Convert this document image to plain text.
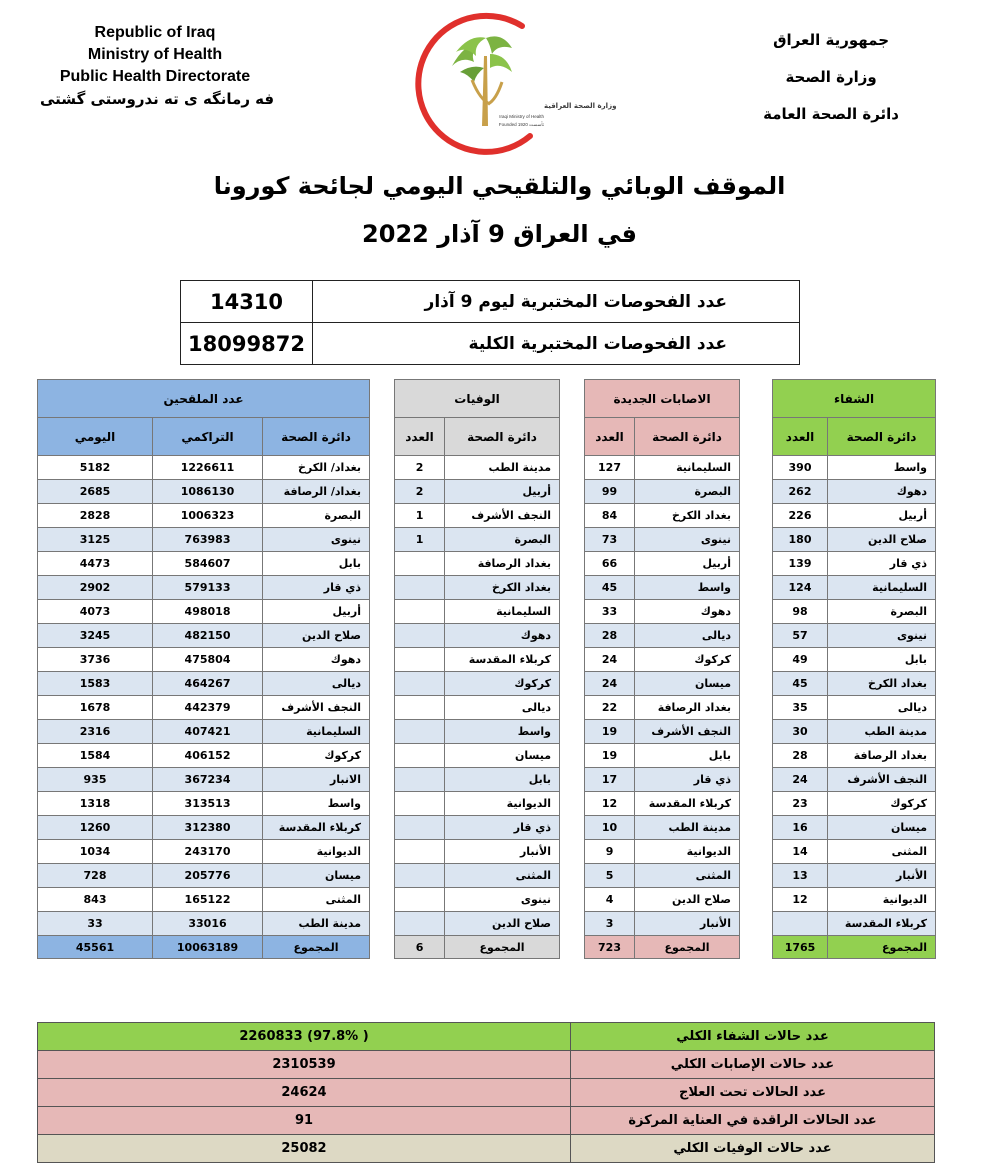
Republic of Iraq
Ministry of Health
Public Health Directorate
فه رمانگه ى ته ندروستى گشتى	وزارة الصحة العراقية
Iraqi Ministry of Health
Founded 1920 تأسست
جمهورية العراق
وزارة الصحة
دائرة الصحة العامة
الموقف الوبائي والتلقيحي اليومي لجائحة كورونا
في العراق 9 آذار 2022
عدد الفحوصات المختبرية ليوم 9 آذار	14310
عدد الفحوصات المختبرية الكلية	18099872
الشفاء			الاصابات الجديدة			الوفيات			عدد الملقحين		
دائرة الصحة	العدد		دائرة الصحة	العدد		دائرة الصحة	العدد		دائرة الصحة	التراكمي	اليومي
واسط	390		السليمانية	127		مدينة الطب	2		بغداد/ الكرخ	1226611	5182
دهوك	262		البصرة	99		أربيل	2		بغداد/ الرصافة	1086130	2685
أربيل	226		بغداد الكرخ	84		النجف الأشرف	1		البصرة	1006323	2828
صلاح الدين	180		نينوى	73		البصرة	1		نينوى	763983	3125
ذي قار	139		أربيل	66		بغداد الرصافة			بابل	584607	4473
السليمانية	124		واسط	45		بغداد الكرخ			ذي قار	579133	2902
البصرة	98		دهوك	33		السليمانية			أربيل	498018	4073
نينوى	57		ديالى	28		دهوك			صلاح الدين	482150	3245
بابل	49		كركوك	24		كربلاء المقدسة			دهوك	475804	3736
بغداد الكرخ	45		ميسان	24		كركوك			ديالى	464267	1583
ديالى	35		بغداد الرصافة	22		ديالى			النجف الأشرف	442379	1678
مدينة الطب	30		النجف الأشرف	19		واسط			السليمانية	407421	2316
بغداد الرصافة	28		بابل	19		ميسان			كركوك	406152	1584
النجف الأشرف	24		ذي قار	17		بابل			الانبار	367234	935
كركوك	23		كربلاء المقدسة	12		الديوانية			واسط	313513	1318
ميسان	16		مدينة الطب	10		ذي قار			كربلاء المقدسة	312380	1260
المثنى	14		الديوانية	9		الأنبار			الديوانية	243170	1034
الأنبار	13		المثنى	5		المثنى			ميسان	205776	728
الديوانية	12		صلاح الدين	4		نينوى			المثنى	165122	843
كربلاء المقدسة			الأنبار	3		صلاح الدين			مدينة الطب	33016	33
المجموع	1765		المجموع	723		المجموع	6		المجموع	10063189	45561
عدد حالات الشفاء الكلي	( 97.8%) 2260833
عدد حالات الإصابات الكلي	2310539
عدد الحالات تحت العلاج	24624
عدد الحالات الراقدة في العناية المركزة	91
عدد حالات الوفيات الكلي	25082
